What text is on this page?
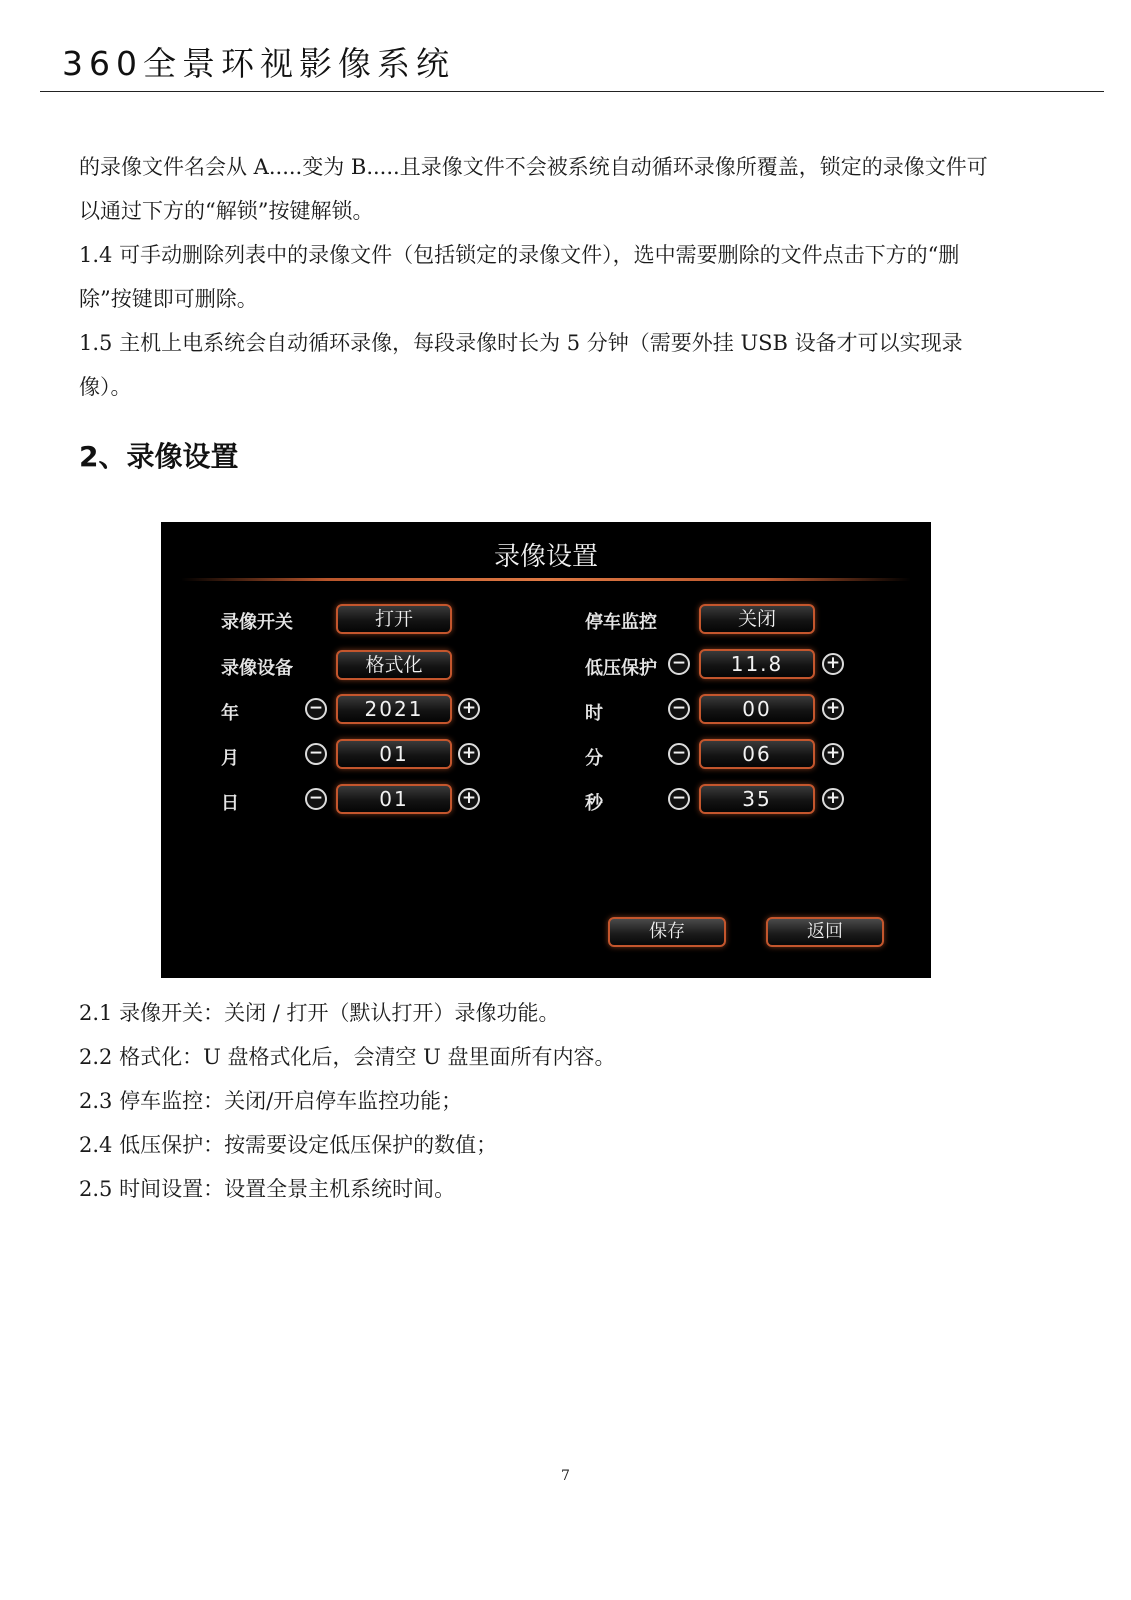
360全景环视影像系统

的录像文件名会从 A.....变为 B.....且录像文件不会被系统自动循环录像所覆盖，锁定的录像文件可

以通过下方的“解锁”按键解锁。

1.4 可手动删除列表中的录像文件（包括锁定的录像文件），选中需要删除的文件点击下方的“删

除”按键即可删除。

1.5 主机上电系统会自动循环录像，每段录像时长为 5 分钟（需要外挂 USB 设备才可以实现录

像）。

2、录像设置
录像设置
录像开关	打开
录像设备	格式化
年	−	2021	+
月	−	01	+
日	−	01	+
停车监控	关闭
低压保护 −	11.8	+
时	−	00	+
分	−	06	+
秒	−	35	+
保存	返回

2.1 录像开关：关闭 / 打开（默认打开）录像功能。

2.2 格式化：U 盘格式化后，会清空 U 盘里面所有内容。

2.3 停车监控：关闭/开启停车监控功能；

2.4 低压保护：按需要设定低压保护的数值；

2.5 时间设置：设置全景主机系统时间。

7
